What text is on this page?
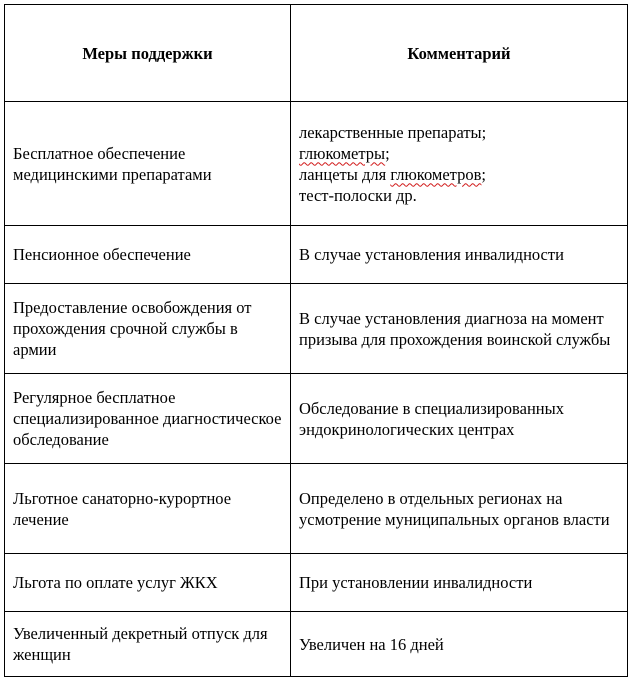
Меры поддержки	Комментарий
Бесплатное обеспечение медицинскими препаратами	лекарственные препараты;
глюкометры;
ланцеты для глюкометров;
тест-полоски др.

Пенсионное обеспечение	В случае установления инвалидности
Предоставление освобождения от прохождения срочной службы в армии	В случае установления диагноза на момент призыва для прохождения воинской службы
Регулярное бесплатное специализированное диагностическое обследование	Обследование в специализированных эндокринологических центрах
Льготное санаторно-курортное лечение	Определено в отдельных регионах на усмотрение муниципальных органов власти
Льгота по оплате услуг ЖКХ	При установлении инвалидности
Увеличенный декретный отпуск для женщин	Увеличен на 16 дней
